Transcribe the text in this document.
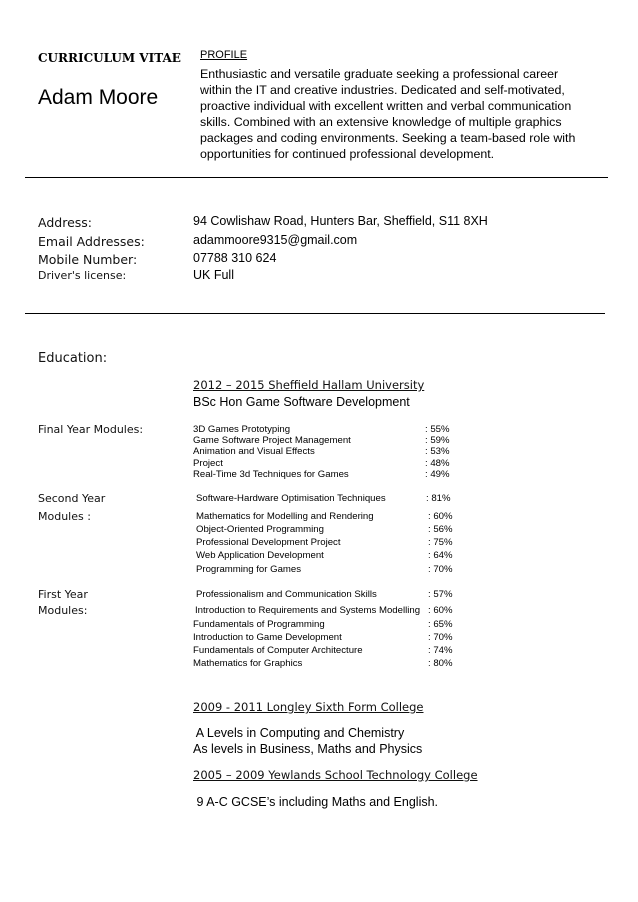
CURRICULUM VITAE
Adam Moore
PROFILE
Enthusiastic and versatile graduate seeking a professional career within the IT and creative industries. Dedicated and self-motivated, proactive individual with excellent written and verbal communication skills. Combined with an extensive knowledge of multiple graphics packages and coding environments. Seeking a team-based role with opportunities for continued professional development.
Address:	94 Cowlishaw Road, Hunters Bar, Sheffield, S11 8XH
Email Addresses:	adammoore9315@gmail.com
Mobile Number:	07788 310 624
Driver's license:	UK Full
Education:
2012 – 2015 Sheffield Hallam University
BSc Hon Game Software Development
Final Year Modules:	3D Games Prototyping	: 55%
Game Software Project Management	: 59%
Animation and Visual Effects	: 53%
Project	: 48%
Real-Time 3d Techniques for Games	: 49%
Second Year
Modules :
Software-Hardware Optimisation Techniques	: 81%
Mathematics for Modelling and Rendering	: 60%
Object-Oriented Programming	: 56%
Professional Development Project	: 75%
Web Application Development	: 64%
Programming for Games	: 70%
First Year
Modules:
Professionalism and Communication Skills	: 57%
Introduction to Requirements and Systems Modelling : 60%
Fundamentals of Programming	: 65%
Introduction to Game Development	: 70%
Fundamentals of Computer Architecture	: 74%
Mathematics for Graphics	: 80%
2009 - 2011 Longley Sixth Form College
A Levels in Computing and Chemistry
As levels in Business, Maths and Physics
2005 – 2009 Yewlands School Technology College
9 A-C GCSE’s including Maths and English.
